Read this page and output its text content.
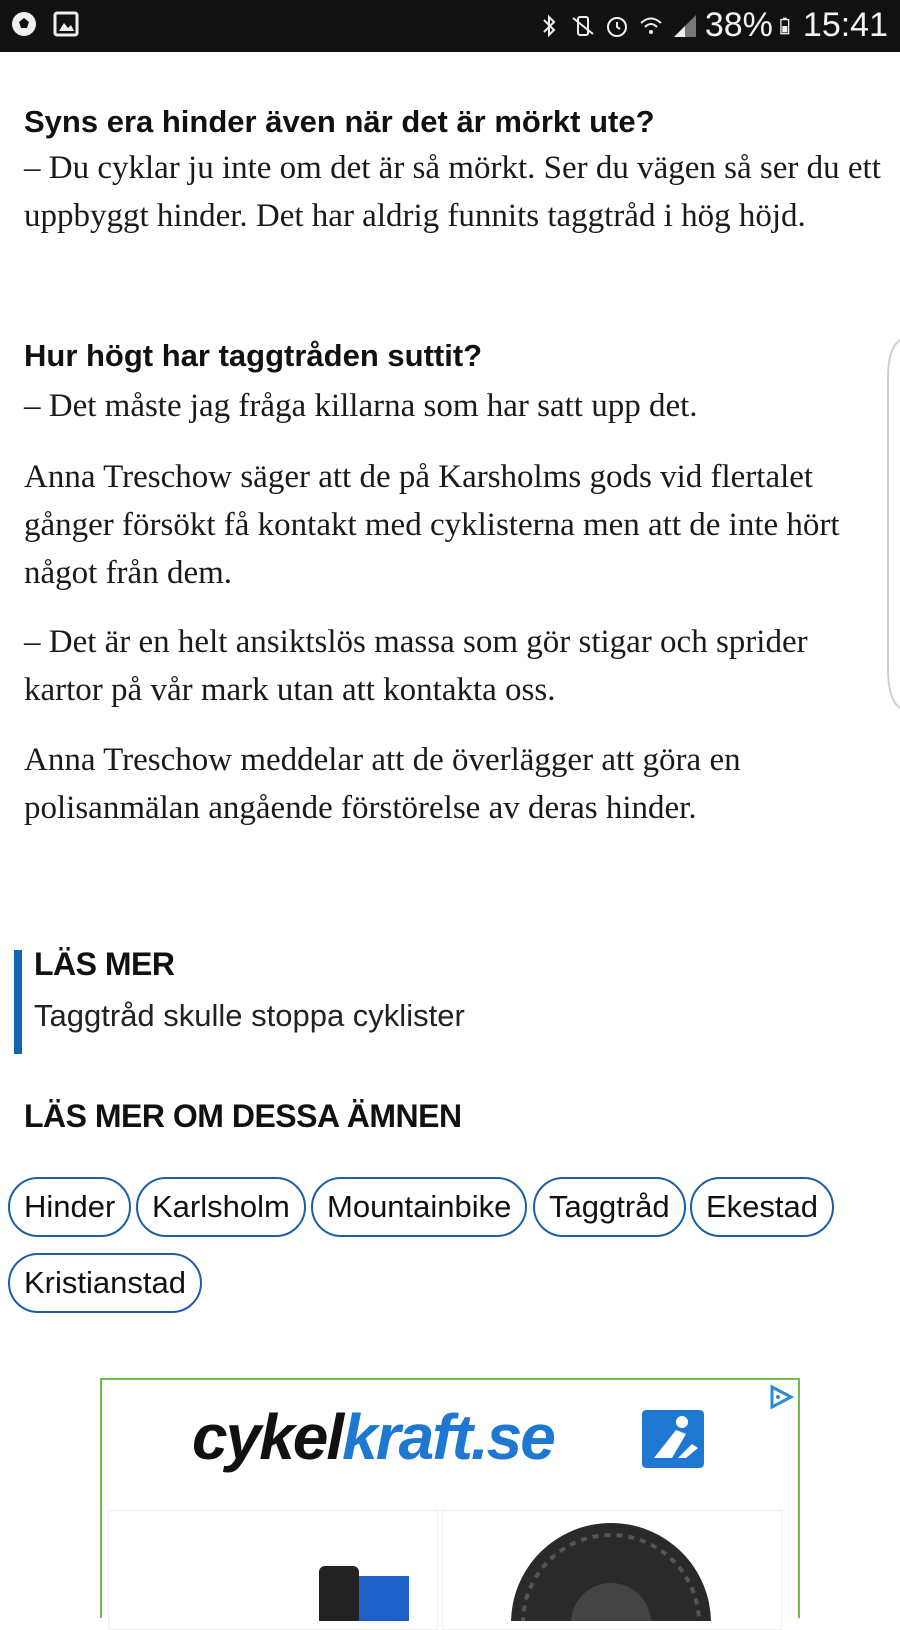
38% 15:41

Syns era hinder även när det är mörkt ute?

– Du cyklar ju inte om det är så mörkt. Ser du vägen så ser du ett uppbyggt hinder. Det har aldrig funnits taggtråd i hög höjd.

Hur högt har taggtråden suttit?

– Det måste jag fråga killarna som har satt upp det.

Anna Treschow säger att de på Karsholms gods vid flertalet gånger försökt få kontakt med cyklisterna men att de inte hört något från dem.

– Det är en helt ansiktslös massa som gör stigar och sprider kartor på vår mark utan att kontakta oss.

Anna Treschow meddelar att de överlägger att göra en polisanmälan angående förstörelse av deras hinder.

LÄS MER
Taggtråd skulle stoppa cyklister
LÄS MER OM DESSA ÄMNEN
Hinder	Karlsholm	Mountainbike	Taggtråd	Ekestad
Kristianstad
cykelkraft.se
